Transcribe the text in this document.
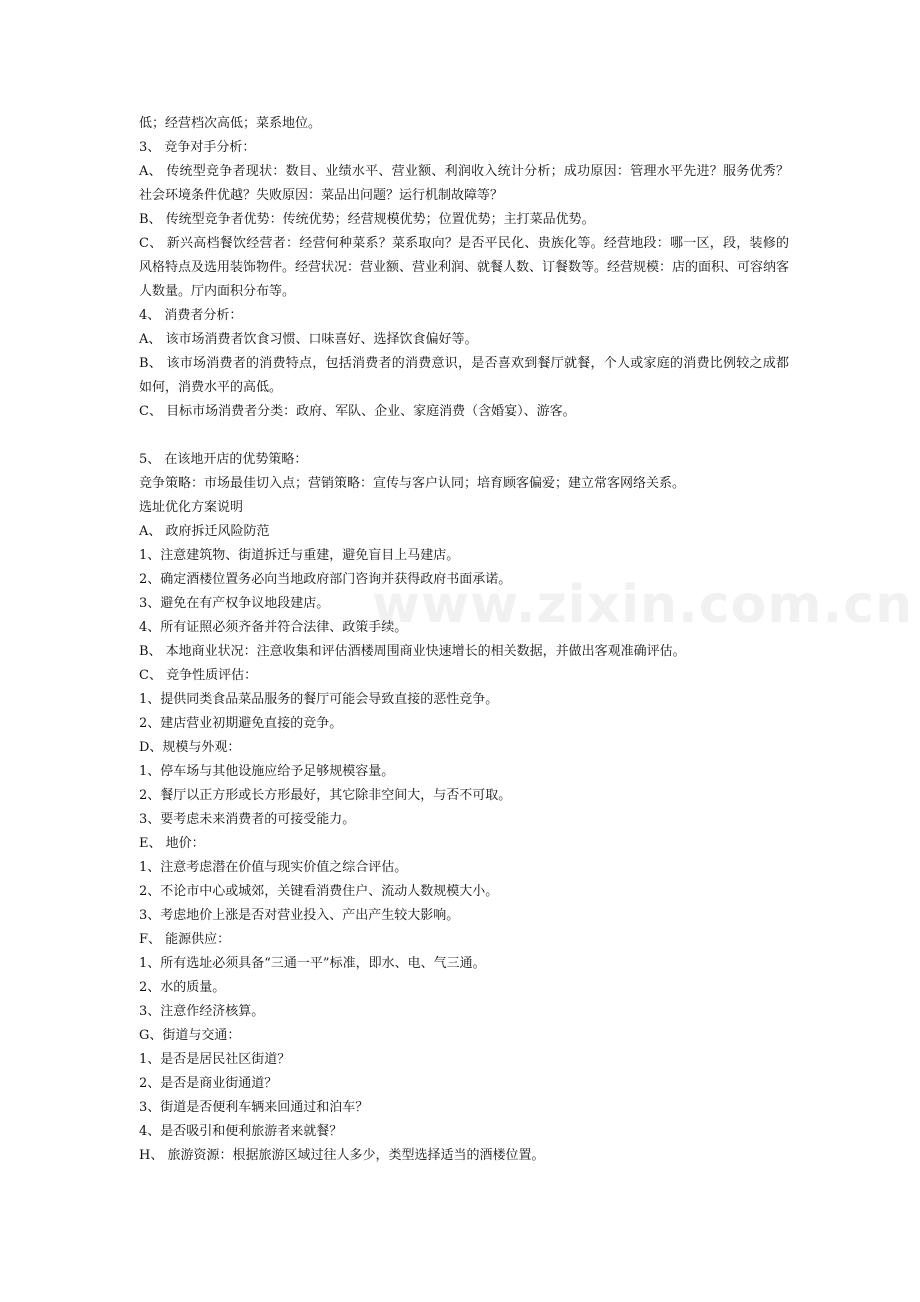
低；经营档次高低；菜系地位。
3、 竞争对手分析：
A、 传统型竞争者现状：数目、业绩水平、营业额、利润收入统计分析；成功原因：管理水平先进？服务优秀？社会环境条件优越？失败原因：菜品出问题？运行机制故障等？
B、 传统型竞争者优势：传统优势；经营规模优势；位置优势；主打菜品优势。
C、 新兴高档餐饮经营者：经营何种菜系？菜系取向？是否平民化、贵族化等。经营地段：哪一区，段，装修的风格特点及选用装饰物件。经营状况：营业额、营业利润、就餐人数、订餐数等。经营规模：店的面积、可容纳客人数量。厅内面积分布等。
4、 消费者分析：
A、 该市场消费者饮食习惯、口味喜好、选择饮食偏好等。
B、 该市场消费者的消费特点，包括消费者的消费意识，是否喜欢到餐厅就餐，个人或家庭的消费比例较之成都如何，消费水平的高低。
C、 目标市场消费者分类：政府、军队、企业、家庭消费（含婚宴）、游客。
5、 在该地开店的优势策略：
竞争策略：市场最佳切入点；营销策略：宣传与客户认同；培育顾客偏爱；建立常客网络关系。
选址优化方案说明
A、 政府拆迁风险防范
1、注意建筑物、街道拆迁与重建，避免盲目上马建店。
2、确定酒楼位置务必向当地政府部门咨询并获得政府书面承诺。
3、避免在有产权争议地段建店。
4、所有证照必须齐备并符合法律、政策手续。
B、 本地商业状况：注意收集和评估酒楼周围商业快速增长的相关数据，并做出客观准确评估。
C、 竞争性质评估：
1、提供同类食品菜品服务的餐厅可能会导致直接的恶性竞争。
2、建店营业初期避免直接的竞争。
D、规模与外观：
1、停车场与其他设施应给予足够规模容量。
2、餐厅以正方形或长方形最好，其它除非空间大，与否不可取。
3、要考虑未来消费者的可接受能力。
E、 地价：
1、注意考虑潜在价值与现实价值之综合评估。
2、不论市中心或城郊，关键看消费住户、流动人数规模大小。
3、考虑地价上涨是否对营业投入、产出产生较大影响。
F、 能源供应：
1、所有选址必须具备“三通一平”标准，即水、电、气三通。
2、水的质量。
3、注意作经济核算。
G、街道与交通：
1、是否是居民社区街道？
2、是否是商业街通道？
3、街道是否便利车辆来回通过和泊车？
4、是否吸引和便利旅游者来就餐？
H、 旅游资源：根据旅游区域过往人多少，类型选择适当的酒楼位置。
www.zixin.com.cn
